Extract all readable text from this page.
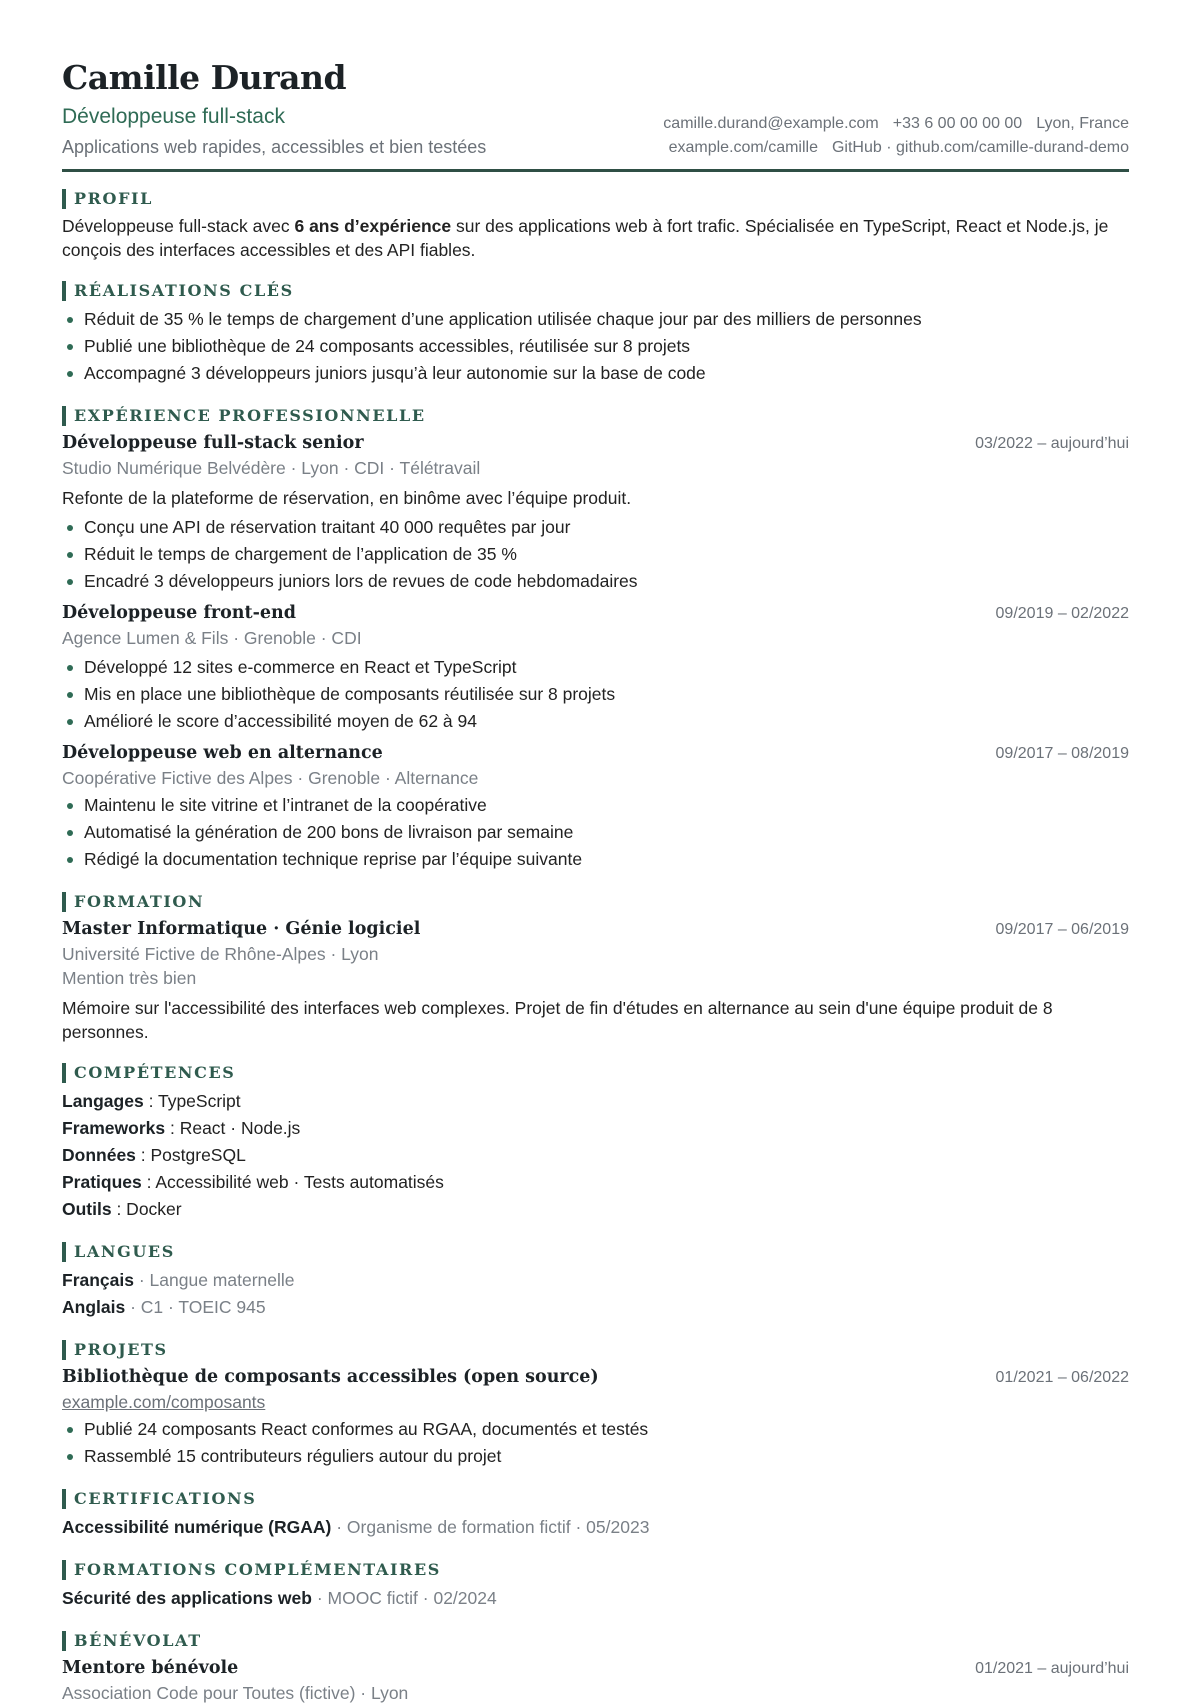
Camille Durand
Développeuse full-stack
Applications web rapides, accessibles et bien testées
camille.durand@example.com +33 6 00 00 00 00 Lyon, France
example.com/camille GitHub · github.com/camille-durand-demo
PROFIL

Développeuse full-stack avec 6 ans d’expérience sur des applications web à fort trafic. Spécialisée en TypeScript, React et Node.js, je conçois des interfaces accessibles et des API fiables.

RÉALISATIONS CLÉS
Réduit de 35 % le temps de chargement d’une application utilisée chaque jour par des milliers de personnes
Publié une bibliothèque de 24 composants accessibles, réutilisée sur 8 projets
Accompagné 3 développeurs juniors jusqu’à leur autonomie sur la base de code
EXPÉRIENCE PROFESSIONNELLE
Développeuse full-stack senior	03/2022 – aujourd’hui
Studio Numérique Belvédère · Lyon · CDI · Télétravail
Refonte de la plateforme de réservation, en binôme avec l’équipe produit.
Conçu une API de réservation traitant 40 000 requêtes par jour
Réduit le temps de chargement de l’application de 35 %
Encadré 3 développeurs juniors lors de revues de code hebdomadaires
Développeuse front-end	09/2019 – 02/2022
Agence Lumen & Fils · Grenoble · CDI
Développé 12 sites e-commerce en React et TypeScript
Mis en place une bibliothèque de composants réutilisée sur 8 projets
Amélioré le score d’accessibilité moyen de 62 à 94
Développeuse web en alternance	09/2017 – 08/2019
Coopérative Fictive des Alpes · Grenoble · Alternance
Maintenu le site vitrine et l’intranet de la coopérative
Automatisé la génération de 200 bons de livraison par semaine
Rédigé la documentation technique reprise par l’équipe suivante
FORMATION
Master Informatique · Génie logiciel	09/2017 – 06/2019
Université Fictive de Rhône-Alpes · Lyon
Mention très bien
Mémoire sur l'accessibilité des interfaces web complexes. Projet de fin d'études en alternance au sein d'une équipe produit de 8 personnes.
COMPÉTENCES
Langages : TypeScript
Frameworks : React · Node.js
Données : PostgreSQL
Pratiques : Accessibilité web · Tests automatisés
Outils : Docker
LANGUES
Français · Langue maternelle
Anglais · C1 · TOEIC 945
PROJETS
Bibliothèque de composants accessibles (open source)	01/2021 – 06/2022
example.com/composants
Publié 24 composants React conformes au RGAA, documentés et testés
Rassemblé 15 contributeurs réguliers autour du projet
CERTIFICATIONS
Accessibilité numérique (RGAA) · Organisme de formation fictif · 05/2023
FORMATIONS COMPLÉMENTAIRES
Sécurité des applications web · MOOC fictif · 02/2024
BÉNÉVOLAT
Mentore bénévole	01/2021 – aujourd’hui
Association Code pour Toutes (fictive) · Lyon
